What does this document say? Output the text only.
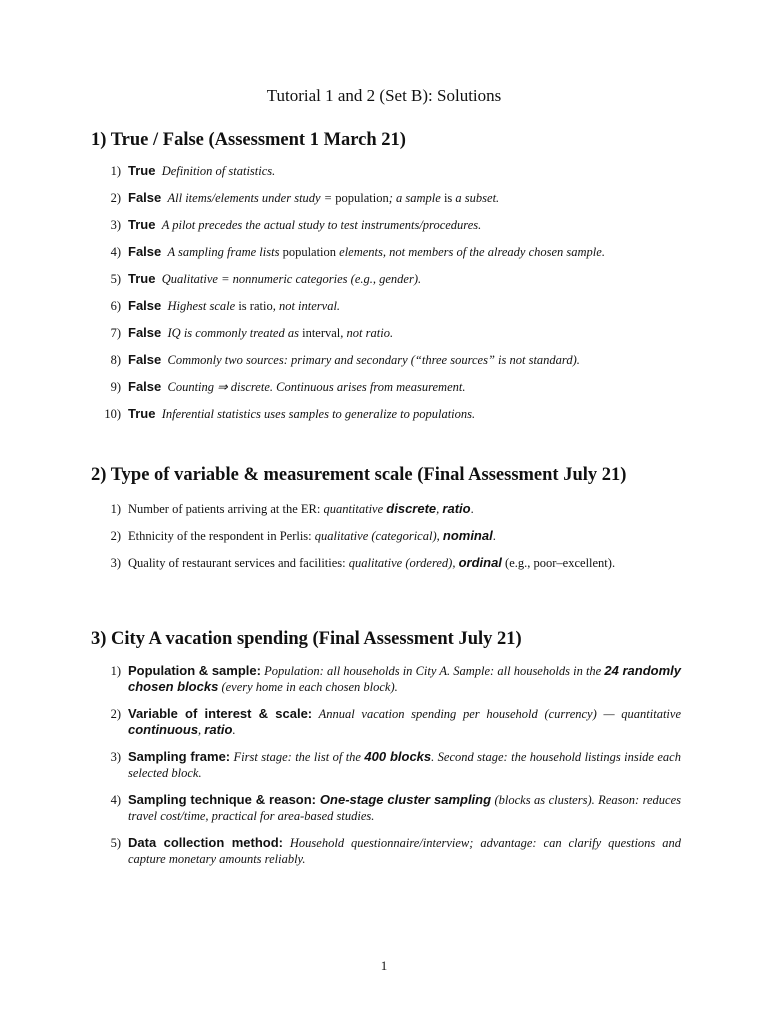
Tutorial 1 and 2 (Set B): Solutions
1) True / False (Assessment 1 March 21)
1) True Definition of statistics.
2) False All items/elements under study = population; a sample is a subset.
3) True A pilot precedes the actual study to test instruments/procedures.
4) False A sampling frame lists population elements, not members of the already chosen sample.
5) True Qualitative = nonnumeric categories (e.g., gender).
6) False Highest scale is ratio, not interval.
7) False IQ is commonly treated as interval, not ratio.
8) False Commonly two sources: primary and secondary (“three sources” is not standard).
9) False Counting ⇒ discrete. Continuous arises from measurement.
10) True Inferential statistics uses samples to generalize to populations.
2) Type of variable & measurement scale (Final Assessment July 21)
1) Number of patients arriving at the ER: quantitative discrete, ratio.
2) Ethnicity of the respondent in Perlis: qualitative (categorical), nominal.
3) Quality of restaurant services and facilities: qualitative (ordered), ordinal (e.g., poor–excellent).
3) City A vacation spending (Final Assessment July 21)
1) Population & sample: Population: all households in City A. Sample: all households in the 24 randomly chosen blocks (every home in each chosen block).
2) Variable of interest & scale: Annual vacation spending per household (currency) — quantitative continuous, ratio.
3) Sampling frame: First stage: the list of the 400 blocks. Second stage: the household listings inside each selected block.
4) Sampling technique & reason: One-stage cluster sampling (blocks as clusters). Reason: reduces travel cost/time, practical for area-based studies.
5) Data collection method: Household questionnaire/interview; advantage: can clarify questions and capture monetary amounts reliably.
1
